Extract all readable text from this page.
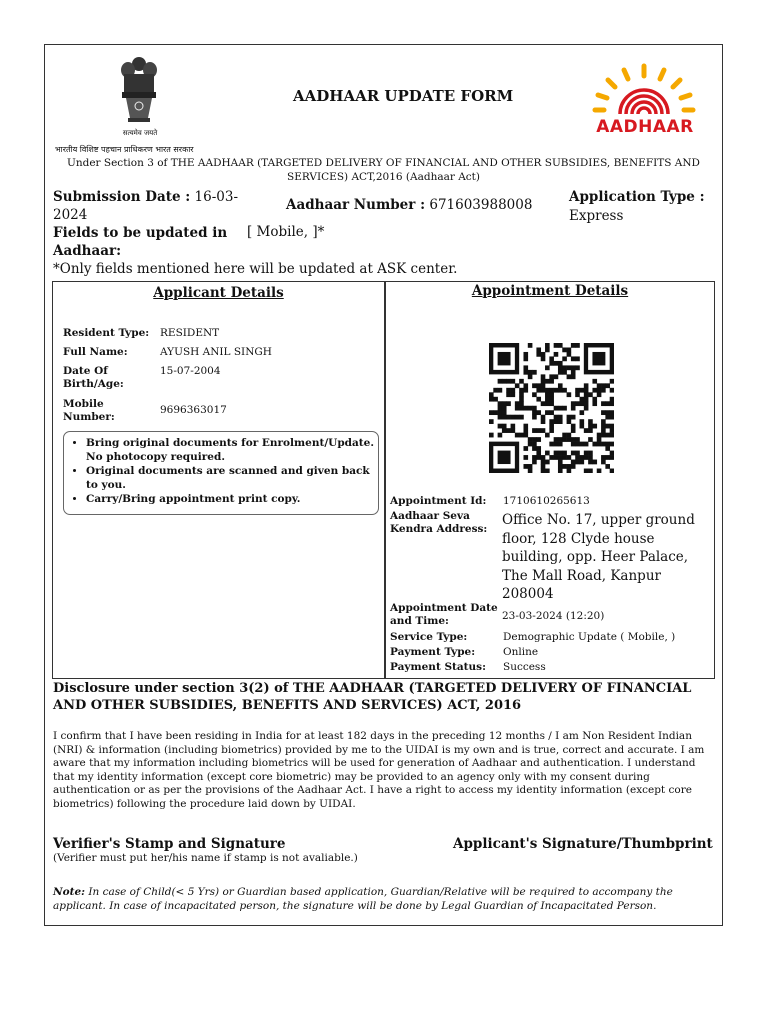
सत्यमेव जयते
भारतीय विशिष्ट पहचान प्राधिकरण भारत सरकार
AADHAAR UPDATE FORM
AADHAAR
Under Section 3 of THE AADHAAR (TARGETED DELIVERY OF FINANCIAL AND OTHER SUBSIDIES, BENEFITS AND
SERVICES) ACT,2016 (Aadhaar Act)
Submission Date : 16-03-
2024
Aadhaar Number : 671603988008	Application Type :
Express
Fields to be updated in
Aadhaar:
[ Mobile, ]*
*Only fields mentioned here will be updated at ASK center.
Applicant Details
Resident Type: RESIDENT
Full Name:	AYUSH ANIL SINGH
Date Of
Birth/Age:
15-07-2004
Mobile
Number:
9696363017
• Bring original documents for Enrolment/Update. No photocopy required.
• Original documents are scanned and given back to you.
• Carry/Bring appointment print copy.
Appointment Details
Appointment Id: 1710610265613
Aadhaar Seva
Kendra Address:
Office No. 17, upper ground floor, 128 Clyde house building, opp. Heer Palace, The Mall Road, Kanpur 208004
Appointment Date
and Time:	23-03-2024 (12:20)
Service Type:	Demographic Update ( Mobile, )
Payment Type:	Online
Payment Status: Success
Disclosure under section 3(2) of THE AADHAAR (TARGETED DELIVERY OF FINANCIAL
AND OTHER SUBSIDIES, BENEFITS AND SERVICES) ACT, 2016
I confirm that I have been residing in India for at least 182 days in the preceding 12 months / I am Non Resident Indian (NRI) & information (including biometrics) provided by me to the UIDAI is my own and is true, correct and accurate. I am aware that my information including biometrics will be used for generation of Aadhaar and authentication. I understand that my identity information (except core biometric) may be provided to an agency only with my consent during authentication or as per the provisions of the Aadhaar Act. I have a right to access my identity information (except core biometrics) following the procedure laid down by UIDAI.
Verifier's Stamp and Signature
(Verifier must put her/his name if stamp is not avaliable.)
Applicant's Signature/Thumbprint
Note: In case of Child(< 5 Yrs) or Guardian based application, Guardian/Relative will be required to accompany the applicant. In case of incapacitated person, the signature will be done by Legal Guardian of Incapacitated Person.
